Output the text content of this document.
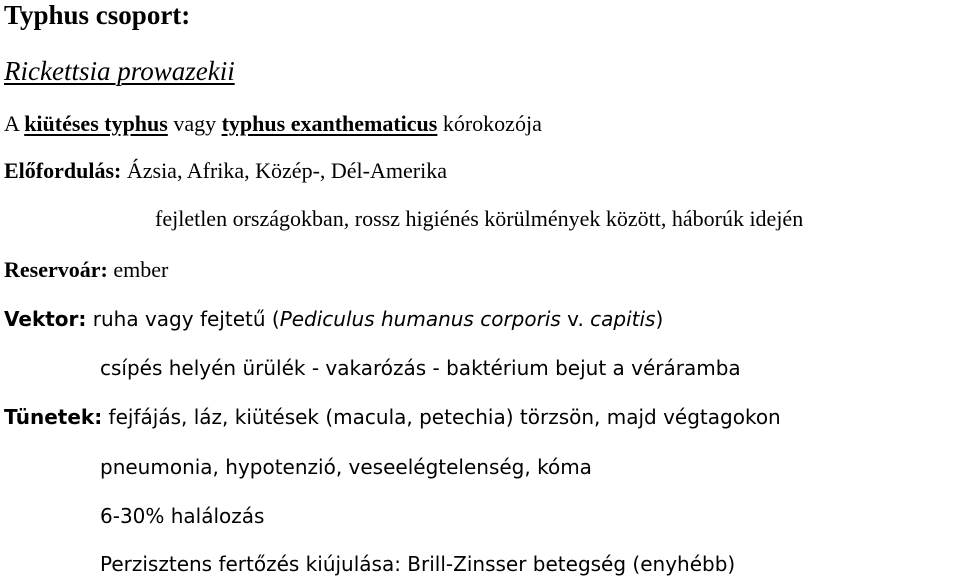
Typhus csoport:
Rickettsia prowazekii
A kiütéses typhus vagy typhus exanthematicus kórokozója
Előfordulás: Ázsia, Afrika, Közép-, Dél-Amerika
fejletlen országokban, rossz higiénés körülmények között, háborúk idején
Reservoár: ember
Vektor: ruha vagy fejtetű (Pediculus humanus corporis v. capitis)
csípés helyén ürülék - vakarózás - baktérium bejut a véráramba
Tünetek: fejfájás, láz, kiütések (macula, petechia) törzsön, majd végtagokon
pneumonia, hypotenzió, veseelégtelenség, kóma
6-30% halálozás
Perzisztens fertőzés kiújulása: Brill-Zinsser betegség (enyhébb)
